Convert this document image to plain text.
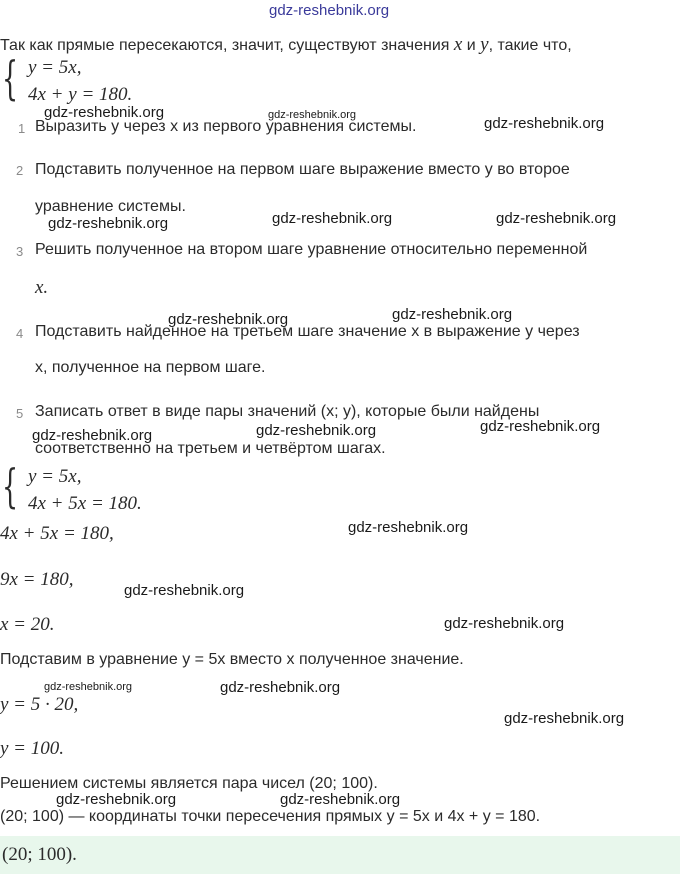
gdz-reshebnik.org
Так как прямые пересекаются, значит, существуют значения x и y, такие что,
{ y = 5x,
4x + y = 180.
1 Выразить y через x из первого уравнения системы.
2 Подставить полученное на первом шаге выражение вместо y во второе
уравнение системы.
3 Решить полученное на втором шаге уравнение относительно переменной
x.
4 Подставить найденное на третьем шаге значение x в выражение y через
x, полученное на первом шаге.
5 Записать ответ в виде пары значений (x; y), которые были найдены
соответственно на третьем и четвёртом шагах.
{ y = 5x,
4x + 5x = 180.
4x + 5x = 180,
9x = 180,
x = 20.
Подставим в уравнение y = 5x вместо x полученное значение.
y = 5 · 20,
y = 100.
Решением системы является пара чисел (20; 100).
(20; 100) — координаты точки пересечения прямых y = 5x и 4x + y = 180.
(20; 100).
gdz-reshebnik.org	gdz-reshebnik.org	gdz-reshebnik.org
gdz-reshebnik.org	gdz-reshebnik.org	gdz-reshebnik.org
gdz-reshebnik.org	gdz-reshebnik.org
gdz-reshebnik.org	gdz-reshebnik.org	gdz-reshebnik.org
gdz-reshebnik.org
gdz-reshebnik.org
gdz-reshebnik.org
gdz-reshebnik.org	gdz-reshebnik.org
gdz-reshebnik.org
gdz-reshebnik.org	gdz-reshebnik.org
